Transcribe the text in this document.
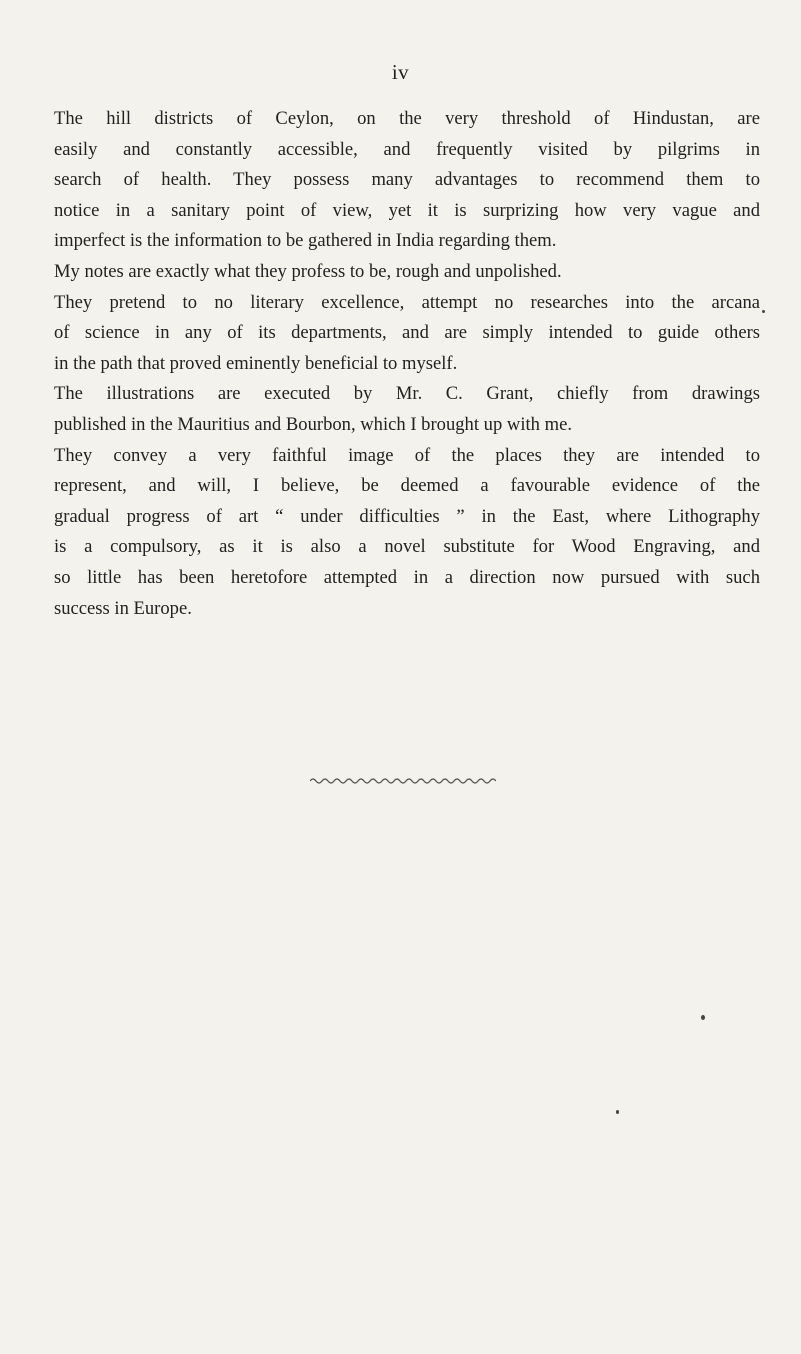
iv

The hill districts of Ceylon, on the very threshold of Hindustan, are
easily and constantly accessible, and frequently visited by pilgrims in
search of health. They possess many advantages to recommend them to
notice in a sanitary point of view, yet it is surprizing how very vague and
imperfect is the information to be gathered in India regarding them.

My notes are exactly what they profess to be, rough and unpolished.
They pretend to no literary excellence, attempt no researches into the arcana
of science in any of its departments, and are simply intended to guide others
in the path that proved eminently beneficial to myself.

The illustrations are executed by Mr. C. Grant, chiefly from drawings
published in the Mauritius and Bourbon, which I brought up with me.

They convey a very faithful image of the places they are intended to
represent, and will, I believe, be deemed a favourable evidence of the
gradual progress of art “ under difficulties ” in the East, where Lithography
is a compulsory, as it is also a novel substitute for Wood Engraving, and
so little has been heretofore attempted in a direction now pursued with such
success in Europe.
